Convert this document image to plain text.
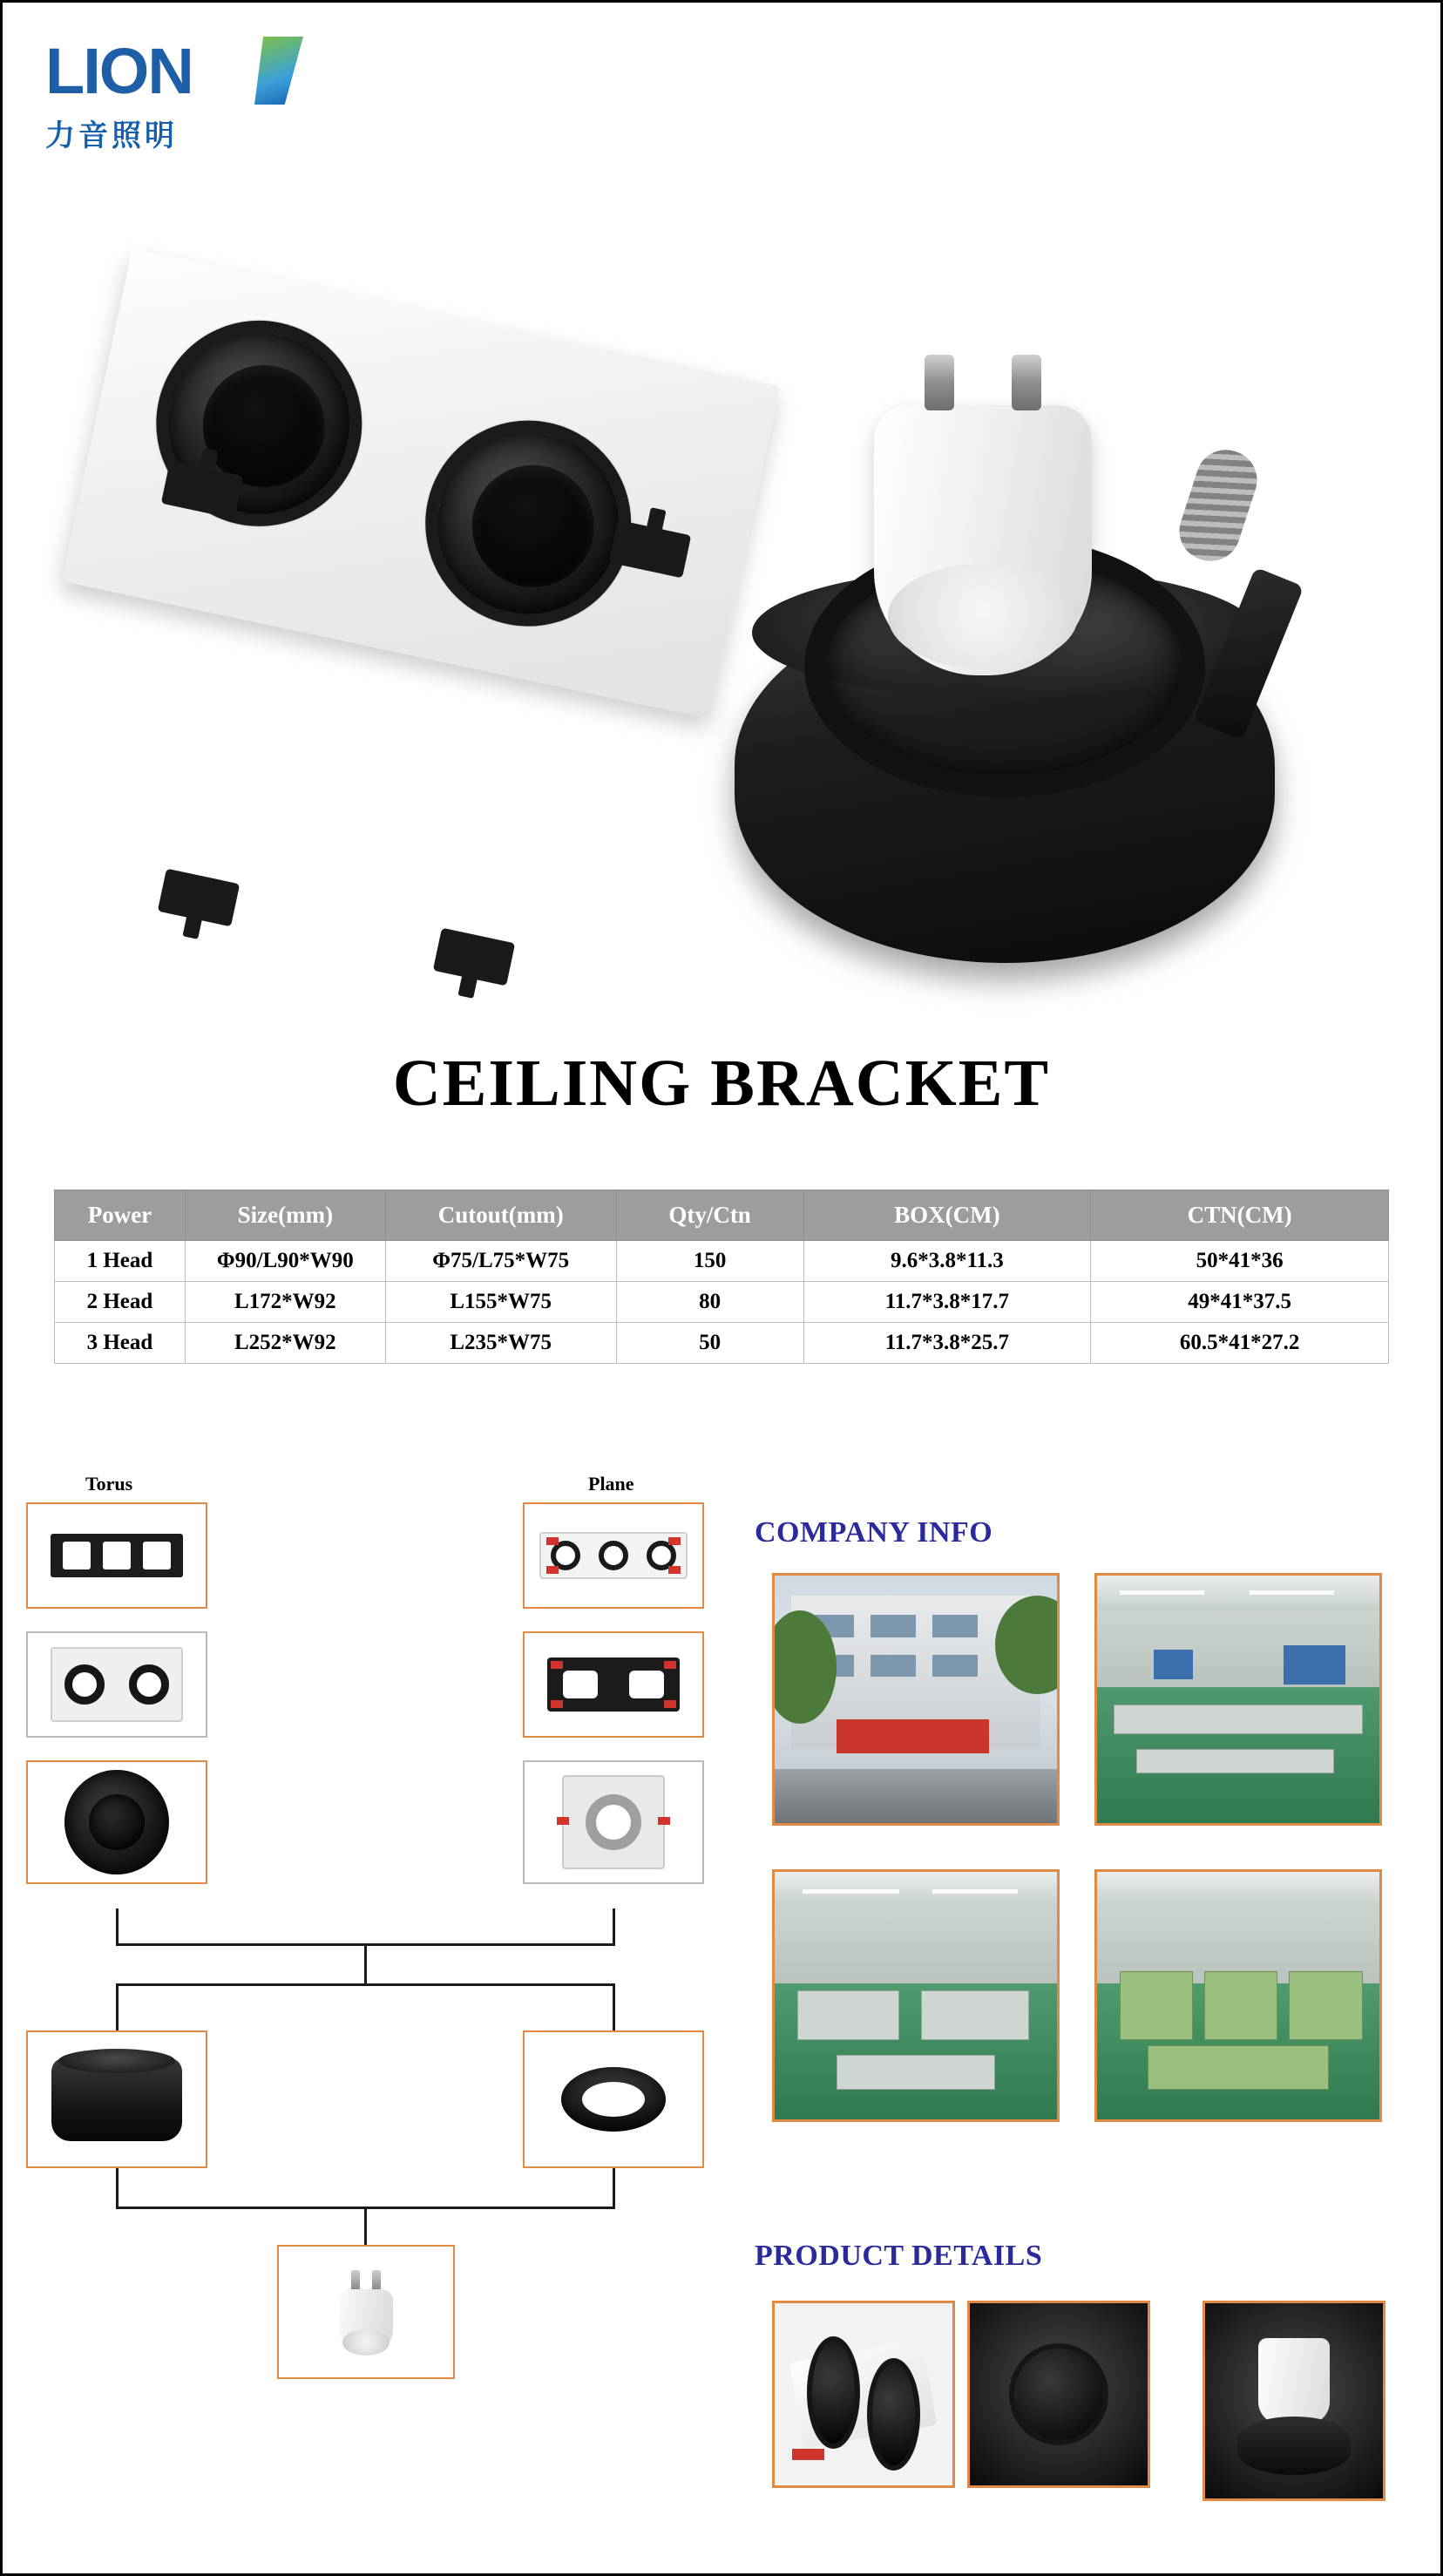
LION
力音照明
CEILING BRACKET
Power	Size(mm)	Cutout(mm)	Qty/Ctn	BOX(CM)	CTN(CM)
1 Head	Φ90/L90*W90	Φ75/L75*W75	150	9.6*3.8*11.3	50*41*36
2 Head	L172*W92	L155*W75	80	11.7*3.8*17.7	49*41*37.5
3 Head	L252*W92	L235*W75	50	11.7*3.8*25.7	60.5*41*27.2
Torus	Plane
COMPANY INFO
PRODUCT DETAILS
